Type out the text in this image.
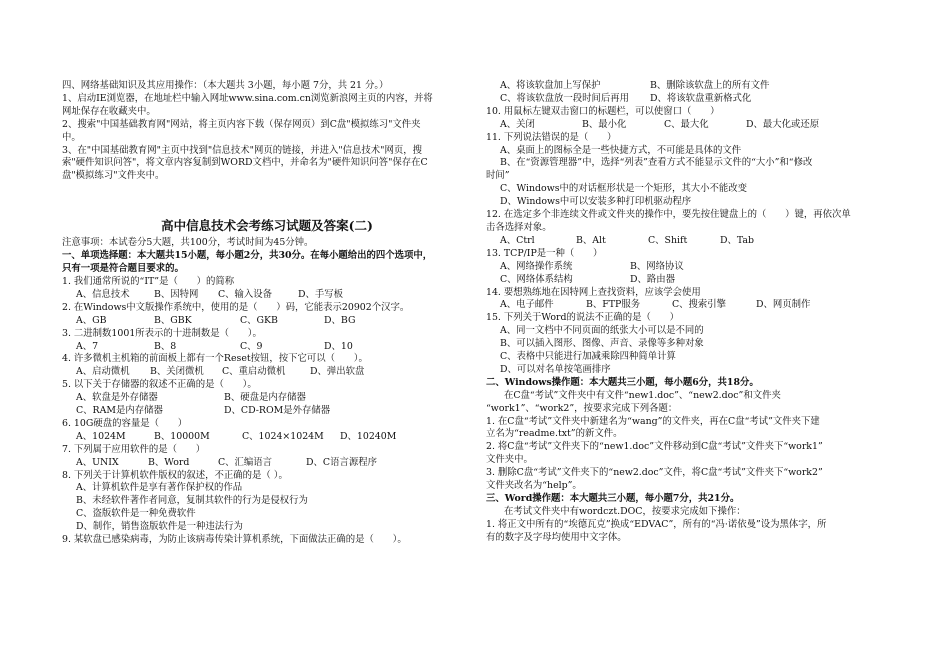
四、网络基础知识及其应用操作：（本大题共 3小题，每小题 7分，共 21 分。）
1、启动IE浏览器，在地址栏中输入网址www.sina.com.cn浏览新浪网主页的内容，并将
网址保存在收藏夹中。
2、搜索"中国基础教育网"网站，将主页内容下载（保存网页）到C盘"模拟练习"文件夹
中。
3、在"中国基础教育网"主页中找到"信息技术"网页的链接，并进入"信息技术"网页，搜
索"硬件知识问答"，将文章内容复制到WORD文档中，并命名为"硬件知识问答"保存在C
盘"模拟练习"文件夹中。
高中信息技术会考练习试题及答案(二)
注意事项：本试卷分5大题，共100分，考试时间为45分钟。
一、单项选择题：本大题共15小题，每小题2分，共30分。在每小题给出的四个选项中，
只有一项是符合题目要求的。
1. 我们通常所说的“IT”是（　　）的简称
A、信息技术	B、因特网	C、输入设备	D、手写板
2. 在Windows中文版操作系统中，使用的是（　　）码，它能表示20902个汉字。
A、GB	B、GBK	C、GKB	D、BG
3. 二进制数1001所表示的十进制数是（　　）。
A、7	B、8	C、9	D、10
4. 许多微机主机箱的前面板上都有一个Reset按钮，按下它可以（　　）。
A、启动微机	B、关闭微机	C、重启动微机	D、弹出软盘
5. 以下关于存储器的叙述不正确的是（　　）。
A、软盘是外存储器	B、硬盘是内存储器
C、RAM是内存储器	D、CD-ROM是外存储器
6. 10G硬盘的容量是（　　）
A、1024M	B、10000M	C、1024×1024M	D、10240M
7. 下列属于应用软件的是（　　）
A、UNIX	B、Word	C、汇编语言	D、C语言源程序
8. 下列关于计算机软件版权的叙述，不正确的是（ ）。
A、计算机软件是享有著作保护权的作品
B、未经软件著作者同意，复制其软件的行为是侵权行为
C、盗版软件是一种免费软件
D、制作，销售盗版软件是一种违法行为
9. 某软盘已感染病毒，为防止该病毒传染计算机系统，下面做法正确的是（　　）。
A、将该软盘加上写保护	B、删除该软盘上的所有文件
C、将该软盘放一段时间后再用	D、将该软盘重新格式化
10. 用鼠标左键双击窗口的标题栏，可以使窗口（　　）
A、关闭	B、最小化	C、最大化	D、最大化或还原
11. 下列说法错误的是（　　）
A、桌面上的图标全是一些快捷方式，不可能是具体的文件
B、在“资源管理器”中，选择“列表”查看方式不能显示文件的“大小”和“修改
时间”
C、Windows中的对话框形状是一个矩形，其大小不能改变
D、Windows中可以安装多种打印机驱动程序
12. 在选定多个非连续文件或文件夹的操作中，要先按住键盘上的（　　）键，再依次单
击各选择对象。
A、Ctrl	B、Alt	C、Shift	D、Tab
13. TCP/IP是一种（　　）
A、网络操作系统	B、网络协议
C、网络体系结构	D、路由器
14. 要想熟练地在因特网上查找资料，应该学会使用
A、电子邮件	B、FTP服务	C、搜索引擎	D、网页制作
15. 下列关于Word的说法不正确的是（　　）
A、同一文档中不同页面的纸张大小可以是不同的
B、可以插入图形、图像、声音、录像等多种对象
C、表格中只能进行加减乘除四种简单计算
D、可以对名单按笔画排序
二、Windows操作题：本大题共三小题，每小题6分，共18分。
在C盘“考试”文件夹中有文件“new1.doc”、“new2.doc”和文件夹
“work1”、“work2”，按要求完成下列各题：
1. 在C盘“考试”文件夹中新建名为“wang”的文件夹，再在C盘“考试”文件夹下建
立名为“readme.txt”的新文件。
2. 将C盘“考试”文件夹下的“new1.doc”文件移动到C盘“考试”文件夹下“work1”
文件夹中。
3. 删除C盘“考试”文件夹下的“new2.doc”文件，将C盘“考试”文件夹下“work2”
文件夹改名为“help”。
三、Word操作题：本大题共三小题，每小题7分，共21分。
在考试文件夹中有wordczt.DOC，按要求完成如下操作：
1. 将正文中所有的“埃德瓦克”换成“EDVAC”，所有的“冯·诺依曼”设为黑体字，所
有的数字及字母均使用中文字体。
